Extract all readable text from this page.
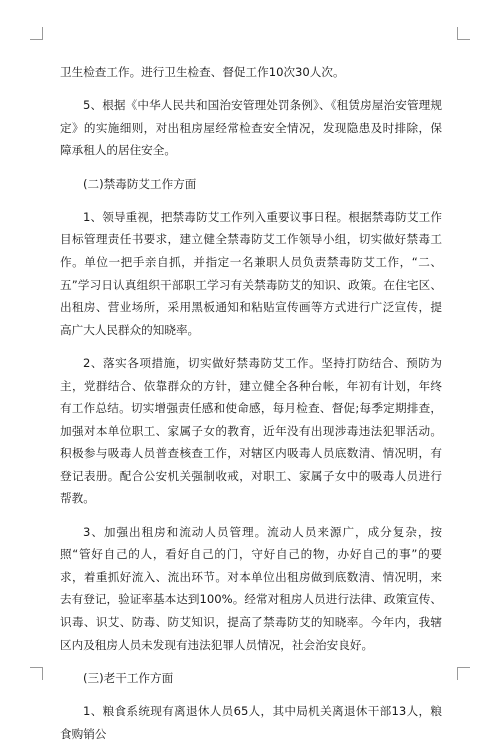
卫生检查工作。进行卫生检查、督促工作10次30人次。

5、根据《中华人民共和国治安管理处罚条例》、《租赁房屋治安管理规定》的实施细则，对出租房屋经常检查安全情况，发现隐患及时排除，保障承租人的居住安全。

(二)禁毒防艾工作方面

1、领导重视，把禁毒防艾工作列入重要议事日程。根据禁毒防艾工作目标管理责任书要求，建立健全禁毒防艾工作领导小组，切实做好禁毒工作。单位一把手亲自抓，并指定一名兼职人员负责禁毒防艾工作，“二、五”学习日认真组织干部职工学习有关禁毒防艾的知识、政策。在住宅区、出租房、营业场所，采用黑板通知和粘贴宣传画等方式进行广泛宣传，提高广大人民群众的知晓率。

2、落实各项措施，切实做好禁毒防艾工作。坚持打防结合、预防为主，党群结合、依靠群众的方针，建立健全各种台帐，年初有计划，年终有工作总结。切实增强责任感和使命感，每月检查、督促;每季定期排查，加强对本单位职工、家属子女的教育，近年没有出现涉毒违法犯罪活动。积极参与吸毒人员普查核查工作，对辖区内吸毒人员底数清、情况明，有登记表册。配合公安机关强制收戒，对职工、家属子女中的吸毒人员进行帮教。

3、加强出租房和流动人员管理。流动人员来源广，成分复杂，按照“管好自己的人，看好自己的门，守好自己的物，办好自己的事”的要求，着重抓好流入、流出环节。对本单位出租房做到底数清、情况明，来去有登记，验证率基本达到100%。经常对租房人员进行法律、政策宣传、识毒、识艾、防毒、防艾知识，提高了禁毒防艾的知晓率。今年内，我辖区内及租房人员未发现有违法犯罪人员情况，社会治安良好。

(三)老干工作方面

1、粮食系统现有离退休人员65人，其中局机关离退休干部13人，粮食购销公
